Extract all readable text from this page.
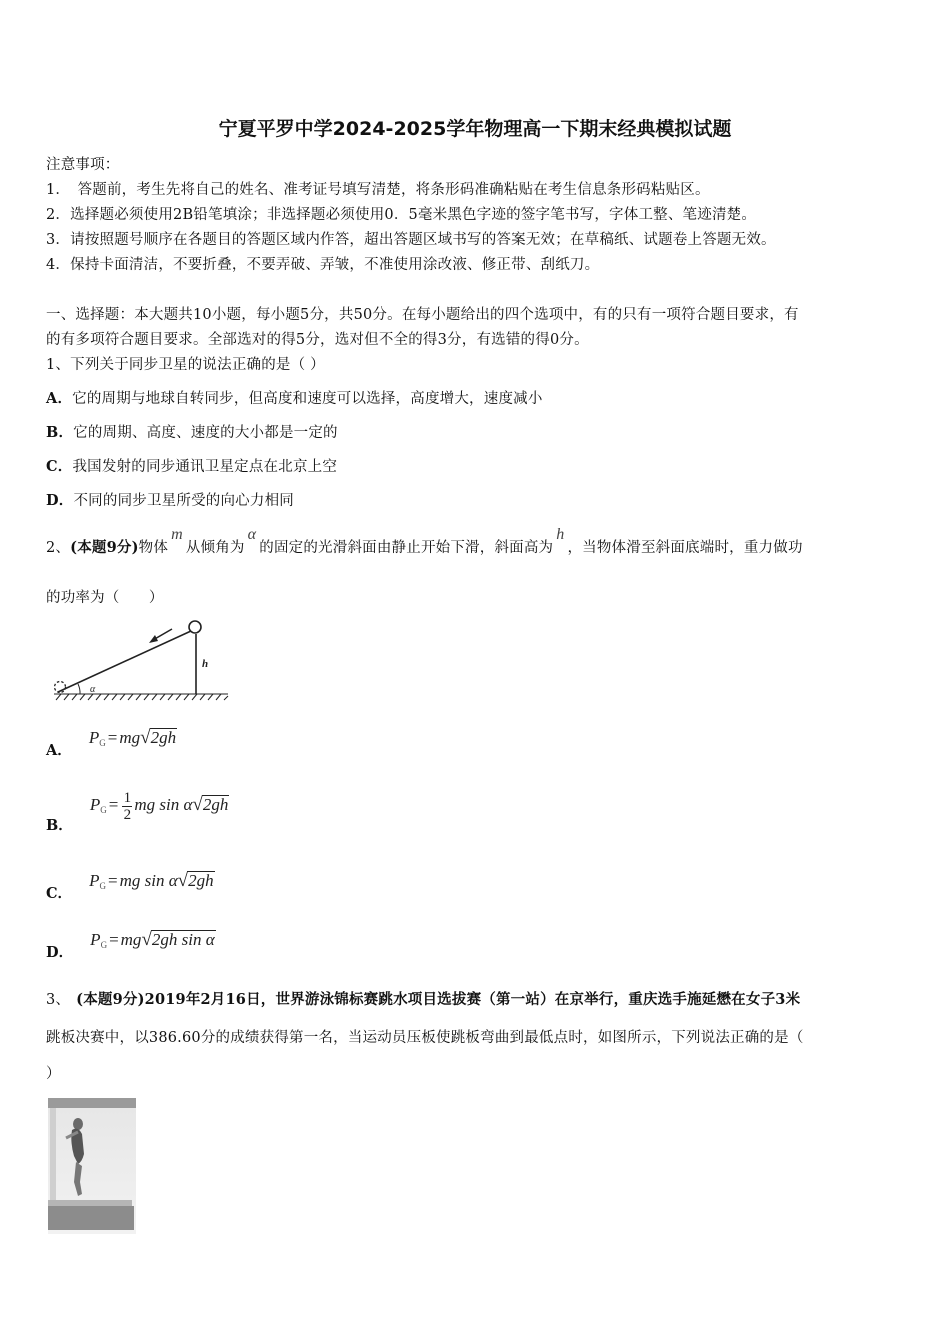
宁夏平罗中学2024-2025学年物理高一下期末经典模拟试题
注意事项：
1．　答题前，考生先将自己的姓名、准考证号填写清楚，将条形码准确粘贴在考生信息条形码粘贴区。
2．选择题必须使用2B铅笔填涂；非选择题必须使用0．5毫米黑色字迹的签字笔书写，字体工整、笔迹清楚。
3．请按照题号顺序在各题目的答题区域内作答，超出答题区域书写的答案无效；在草稿纸、试题卷上答题无效。
4．保持卡面清洁，不要折叠，不要弄破、弄皱，不准使用涂改液、修正带、刮纸刀。
一、选择题：本大题共10小题，每小题5分，共50分。在每小题给出的四个选项中，有的只有一项符合题目要求，有
的有多项符合题目要求。全部选对的得5分，选对但不全的得3分，有选错的得0分。
1、下列关于同步卫星的说法正确的是（ ）
A．它的周期与地球自转同步，但高度和速度可以选择，高度增大，速度减小
B．它的周期、高度、速度的大小都是一定的
C．我国发射的同步通讯卫星定点在北京上空
D．不同的同步卫星所受的向心力相同
2、(本题9分)物体m从倾角为α的固定的光滑斜面由静止开始下滑，斜面高为h，当物体滑至斜面底端时，重力做功
的功率为（　　）
α
h
A． $P_G = mg√2gh$
B． $P_G = \frac{1}{2}$ mg sin α√2gh
C． $P_G$ = mg sin α√2gh
D． $P_G = mg√2gh$ sin α
3、 (本题9分)2019年2月16日，世界游泳锦标赛跳水项目选拔赛（第一站）在京举行，重庆选手施延懋在女子3米
跳板决赛中，以386.60分的成绩获得第一名，当运动员压板使跳板弯曲到最低点时，如图所示，下列说法正确的是（
）
